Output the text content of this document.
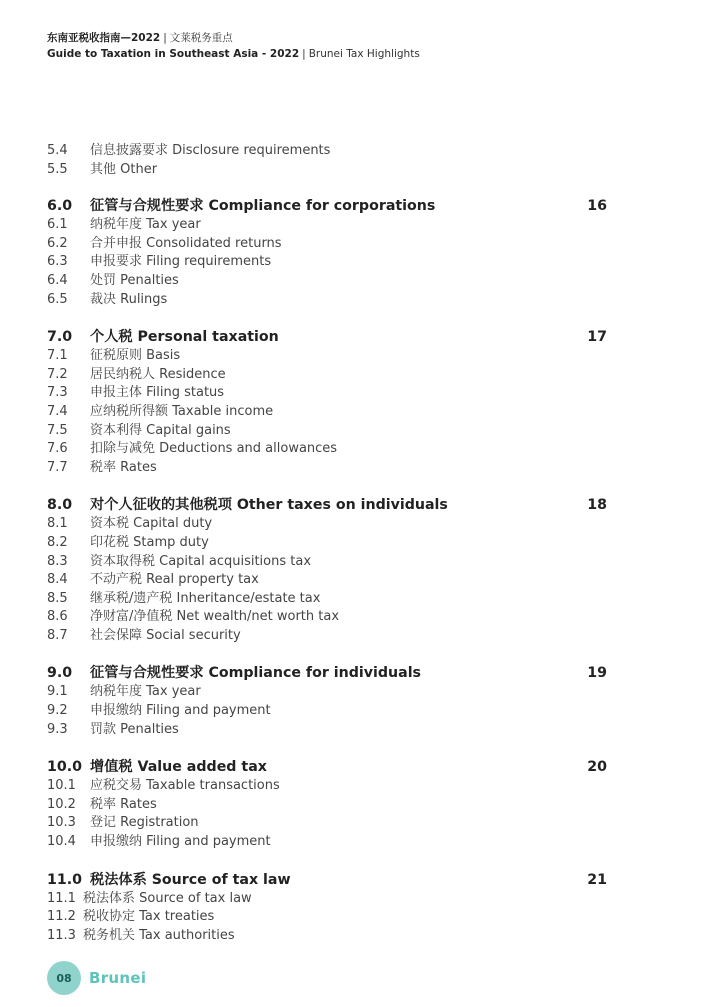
东南亚税收指南—2022 | 文莱税务重点
Guide to Taxation in Southeast Asia - 2022 | Brunei Tax Highlights
5.4	信息披露要求 Disclosure requirements
5.5	其他 Other
6.0	征管与合规性要求 Compliance for corporations	16
6.1	纳税年度 Tax year
6.2	合并申报 Consolidated returns
6.3	申报要求 Filing requirements
6.4	处罚 Penalties
6.5	裁决 Rulings
7.0	个人税 Personal taxation	17
7.1	征税原则 Basis
7.2	居民纳税人 Residence
7.3	申报主体 Filing status
7.4	应纳税所得额 Taxable income
7.5	资本利得 Capital gains
7.6	扣除与减免 Deductions and allowances
7.7	税率 Rates
8.0	对个人征收的其他税项 Other taxes on individuals	18
8.1	资本税 Capital duty
8.2	印花税 Stamp duty
8.3	资本取得税 Capital acquisitions tax
8.4	不动产税 Real property tax
8.5	继承税/遗产税 Inheritance/estate tax
8.6	净财富/净值税 Net wealth/net worth tax
8.7	社会保障 Social security
9.0	征管与合规性要求 Compliance for individuals	19
9.1	纳税年度 Tax year
9.2	申报缴纳 Filing and payment
9.3	罚款 Penalties
10.0 增值税 Value added tax	20
10.1	应税交易 Taxable transactions
10.2	税率 Rates
10.3	登记 Registration
10.4	申报缴纳 Filing and payment
11.0 税法体系 Source of tax law	21
11.1 税法体系 Source of tax law
11.2 税收协定 Tax treaties
11.3 税务机关 Tax authorities
08	Brunei
